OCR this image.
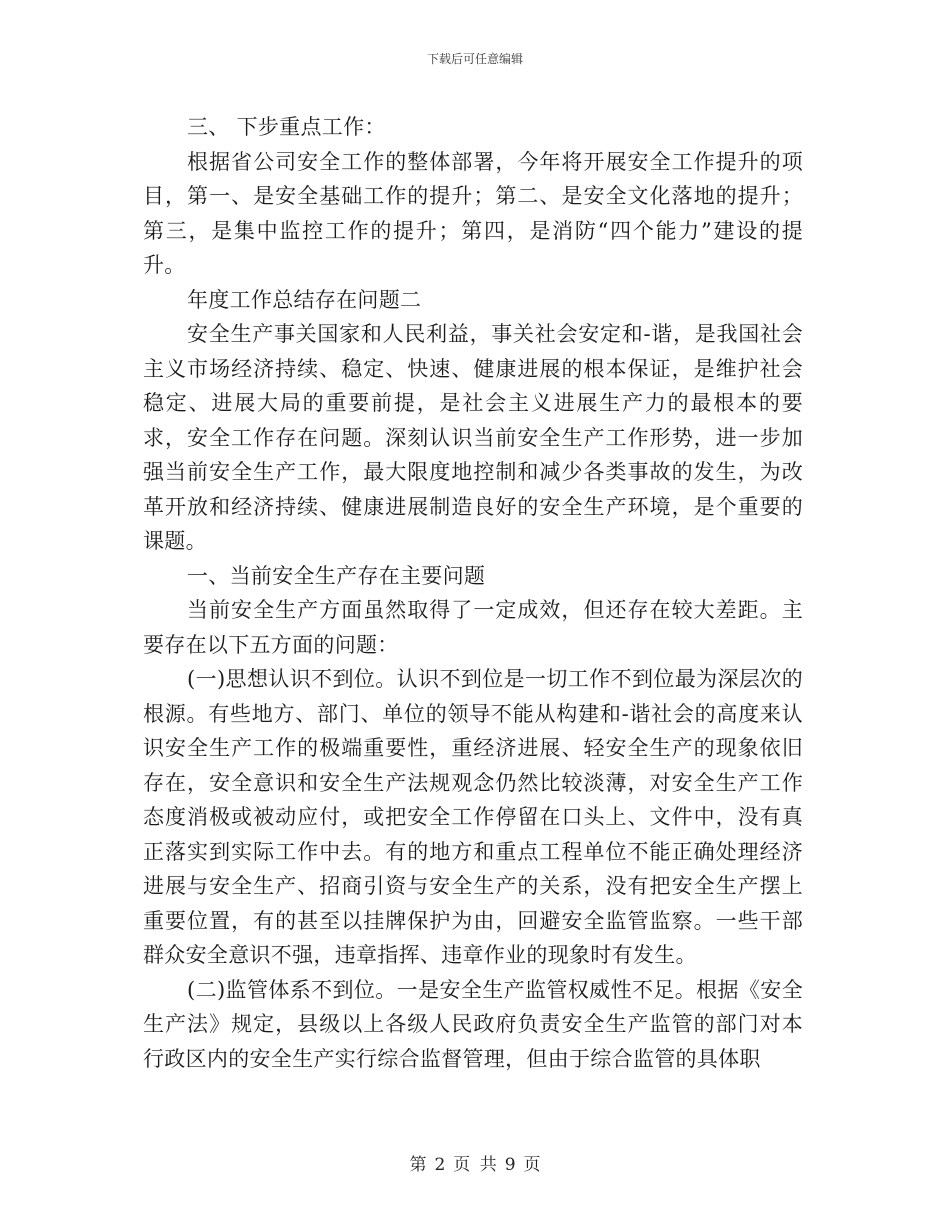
下载后可任意编辑

三、 下步重点工作：

根据省公司安全工作的整体部署，今年将开展安全工作提升的项目，第一、是安全基础工作的提升；第二、是安全文化落地的提升；第三，是集中监控工作的提升；第四，是消防“四个能力”建设的提升。

年度工作总结存在问题二

安全生产事关国家和人民利益，事关社会安定和-谐，是我国社会主义市场经济持续、稳定、快速、健康进展的根本保证，是维护社会稳定、进展大局的重要前提，是社会主义进展生产力的最根本的要求，安全工作存在问题。深刻认识当前安全生产工作形势，进一步加强当前安全生产工作，最大限度地控制和减少各类事故的发生，为改革开放和经济持续、健康进展制造良好的安全生产环境，是个重要的课题。

一、当前安全生产存在主要问题

当前安全生产方面虽然取得了一定成效，但还存在较大差距。主要存在以下五方面的问题：

(一)思想认识不到位。认识不到位是一切工作不到位最为深层次的根源。有些地方、部门、单位的领导不能从构建和-谐社会的高度来认识安全生产工作的极端重要性，重经济进展、轻安全生产的现象依旧存在，安全意识和安全生产法规观念仍然比较淡薄，对安全生产工作态度消极或被动应付，或把安全工作停留在口头上、文件中，没有真正落实到实际工作中去。有的地方和重点工程单位不能正确处理经济进展与安全生产、招商引资与安全生产的关系，没有把安全生产摆上重要位置，有的甚至以挂牌保护为由，回避安全监管监察。一些干部群众安全意识不强，违章指挥、违章作业的现象时有发生。

(二)监管体系不到位。一是安全生产监管权威性不足。根据《安全生产法》规定，县级以上各级人民政府负责安全生产监管的部门对本行政区内的安全生产实行综合监督管理，但由于综合监管的具体职

第 2 页 共 9 页
